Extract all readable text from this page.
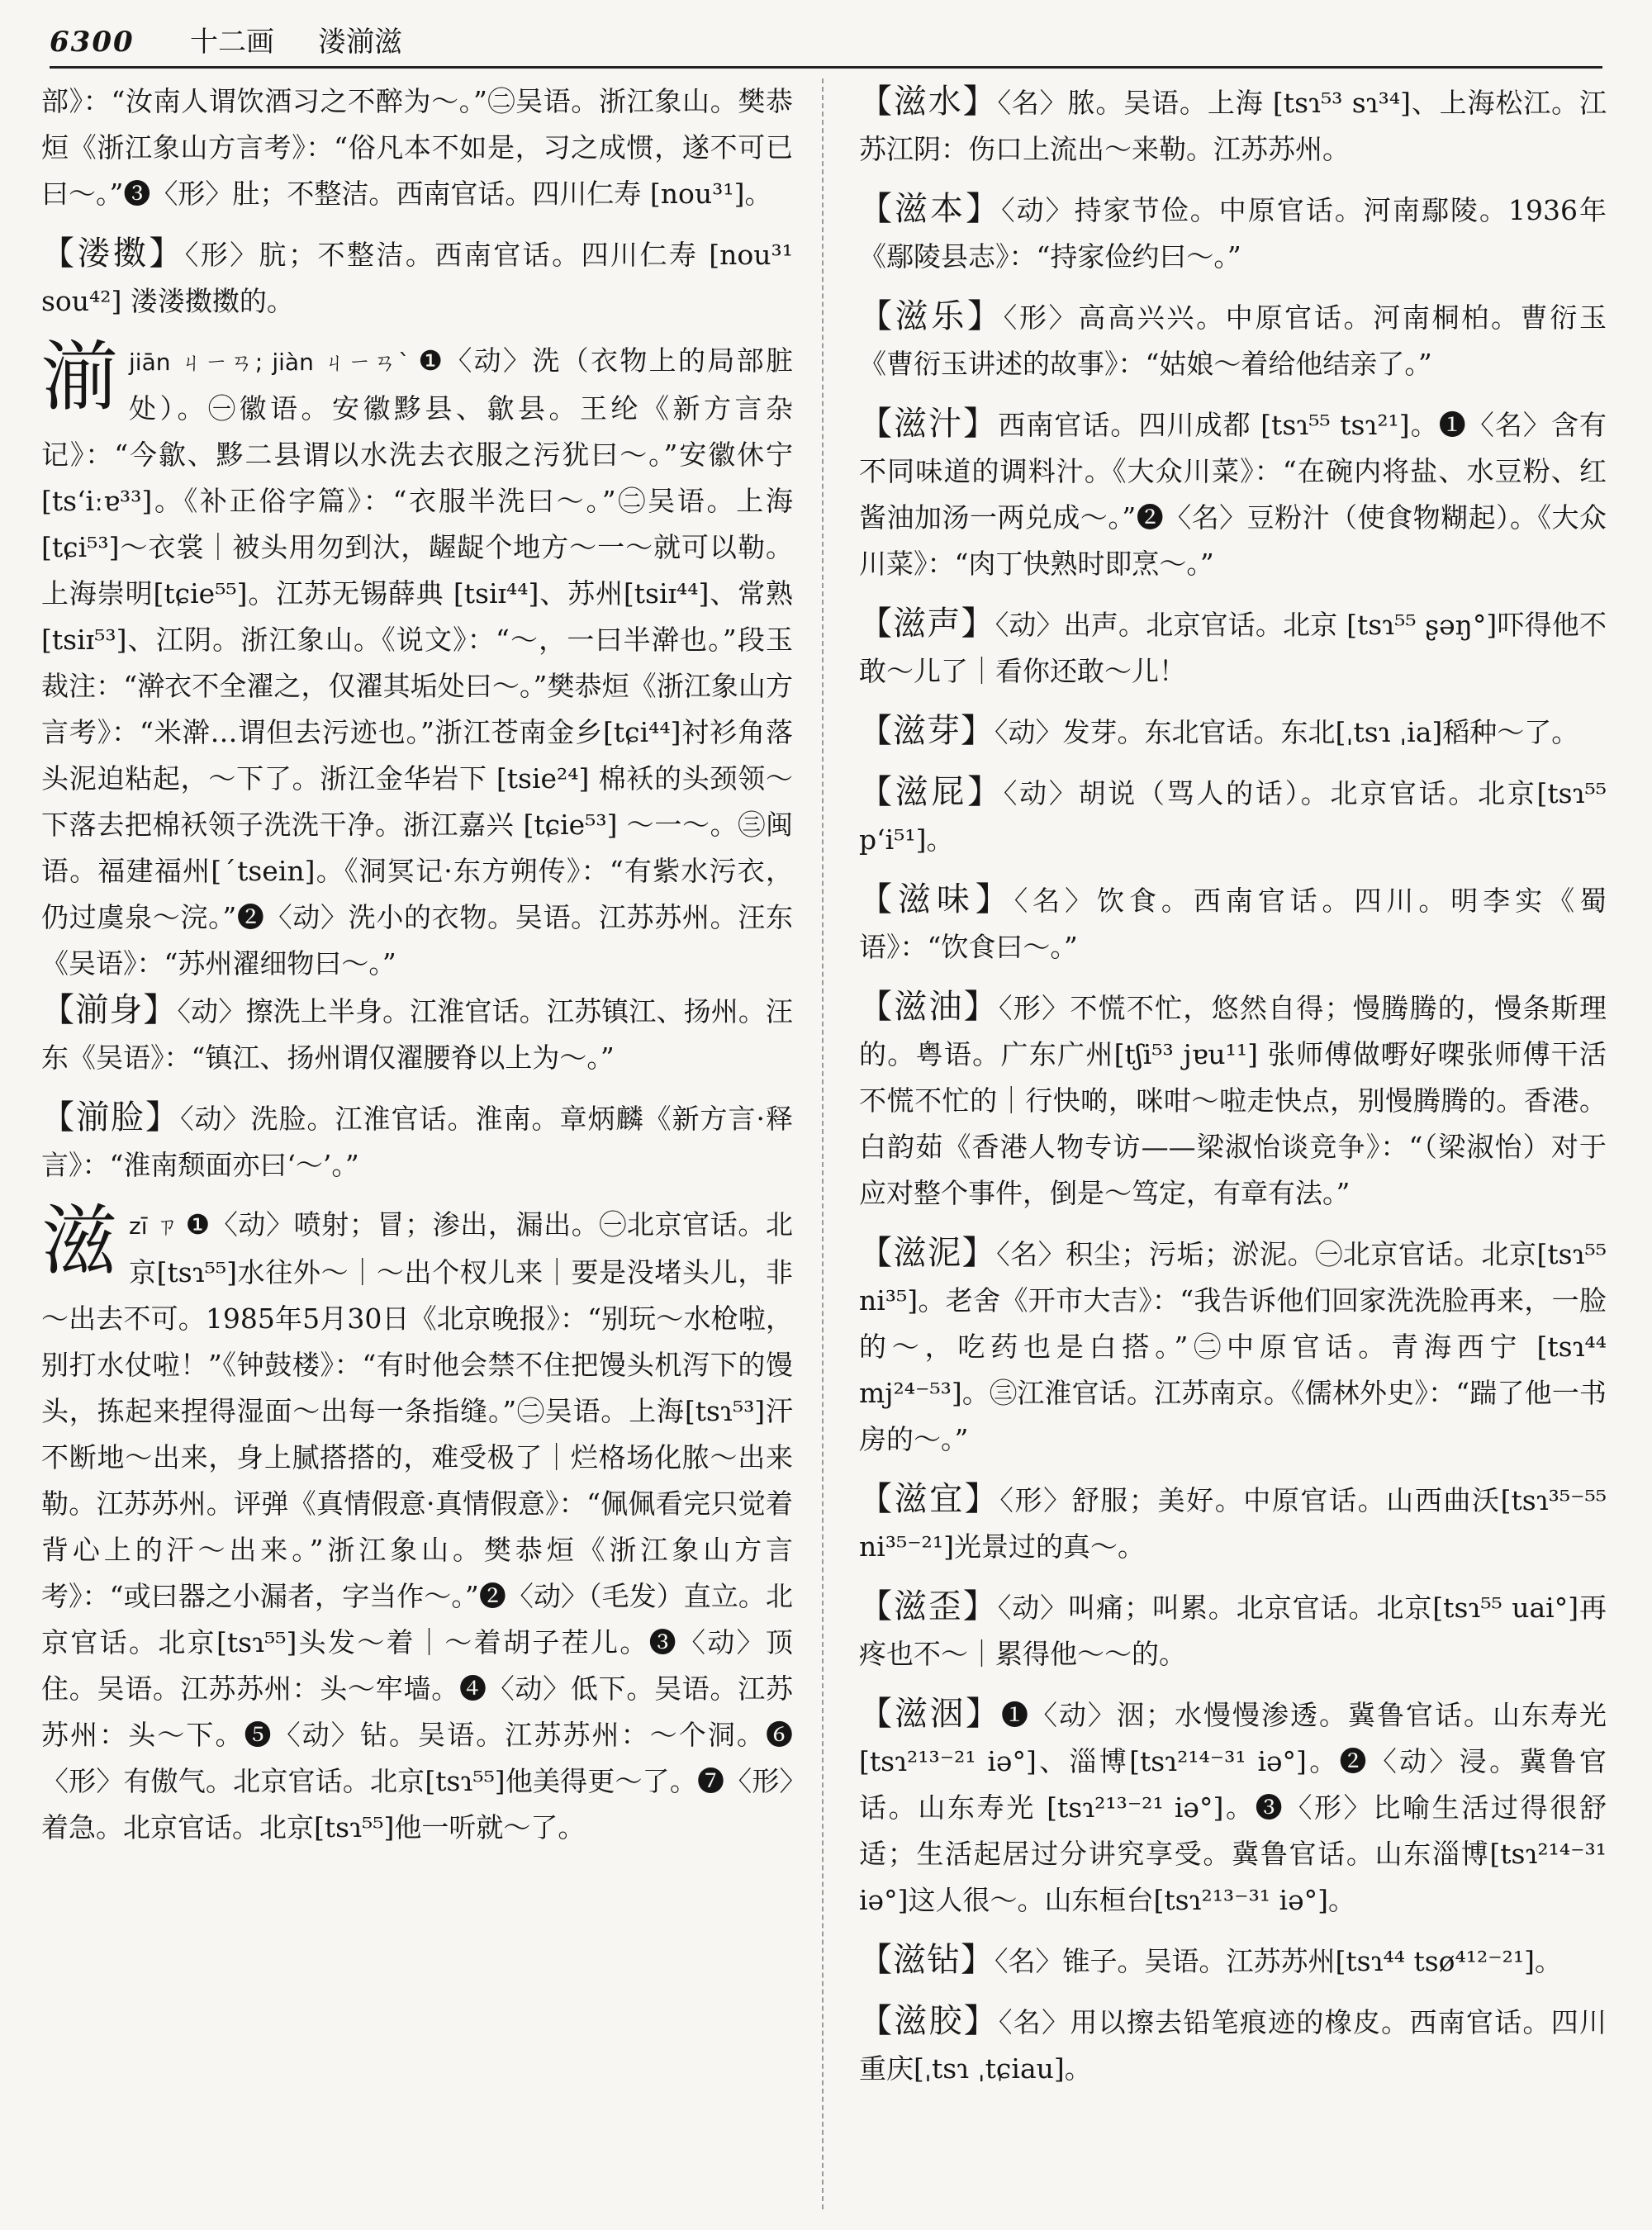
6300 十二画 溇湔滋
部》：“汝南人谓饮酒习之不醉为～。”㊁吴语。浙江象山。樊恭烜《浙江象山方言考》：“俗凡本不如是，习之成惯，遂不可已曰～。”❸〈形〉肚；不整洁。西南官话。四川仁寿 [nou³¹]。
【溇擞】〈形〉肮；不整洁。西南官话。四川仁寿 [nou³¹ sou⁴²] 溇溇擞擞的。
湔 jiān ㄐㄧㄢ; jiàn ㄐㄧㄢˋ ❶〈动〉洗（衣物上的局部脏处）。㊀徽语。安徽黟县、歙县。王纶《新方言杂记》：“今歙、黟二县谓以水洗去衣服之污犹曰～。”安徽休宁 [tsʻiːɐ³³]。《补正俗字篇》：“衣服半洗曰～。”㊁吴语。上海[tɕi⁵³]～衣裳｜被头用勿到汏，龌龊个地方～一～就可以勒。上海崇明[tɕie⁵⁵]。江苏无锡薛典 [tsiɪ⁴⁴]、苏州[tsiɪ⁴⁴]、常熟 [tsiɪ⁵³]、江阴。浙江象山。《说文》：“～，一曰半澣也。”段玉裁注：“澣衣不全濯之，仅濯其垢处曰～。”樊恭烜《浙江象山方言考》：“米澣…谓但去污迹也。”浙江苍南金乡[tɕi⁴⁴]衬衫角落头泥迫粘起，～下了。浙江金华岩下 [tsie²⁴] 棉袄的头颈领～下落去把棉袄领子洗洗干净。浙江嘉兴 [tɕie⁵³] ～一～。㊂闽语。福建福州[ˊtsein]。《洞冥记·东方朔传》：“有紫水污衣，仍过虞泉～浣。”❷〈动〉洗小的衣物。吴语。江苏苏州。汪东《吴语》：“苏州濯细物曰～。”
【湔身】〈动〉擦洗上半身。江淮官话。江苏镇江、扬州。汪东《吴语》：“镇江、扬州谓仅濯腰脊以上为～。”
【湔脸】〈动〉洗脸。江淮官话。淮南。章炳麟《新方言·释言》：“淮南颓面亦曰‘～’。”
滋 zī ㄗ ❶〈动〉喷射；冒；渗出，漏出。㊀北京官话。北京[tsɿ⁵⁵]水往外～｜～出个杈儿来｜要是没堵头儿，非～出去不可。1985年5月30日《北京晚报》：“别玩～水枪啦，别打水仗啦！”《钟鼓楼》：“有时他会禁不住把馒头机泻下的馒头，拣起来捏得湿面～出每一条指缝。”㊁吴语。上海[tsɿ⁵³]汗不断地～出来，身上腻搭搭的，难受极了｜烂格场化脓～出来勒。江苏苏州。评弹《真情假意·真情假意》：“佩佩看完只觉着背心上的汗～出来。”浙江象山。樊恭烜《浙江象山方言考》：“或曰器之小漏者，字当作～。”❷〈动〉（毛发）直立。北京官话。北京[tsɿ⁵⁵]头发～着｜～着胡子茬儿。❸〈动〉顶住。吴语。江苏苏州：头～牢墙。❹〈动〉低下。吴语。江苏苏州：头～下。❺〈动〉钻。吴语。江苏苏州：～个洞。❻〈形〉有傲气。北京官话。北京[tsɿ⁵⁵]他美得更～了。❼〈形〉着急。北京官话。北京[tsɿ⁵⁵]他一听就～了。
【滋水】〈名〉脓。吴语。上海 [tsɿ⁵³ sɿ³⁴]、上海松江。江苏江阴：伤口上流出～来勒。江苏苏州。
【滋本】〈动〉持家节俭。中原官话。河南鄢陵。1936年《鄢陵县志》：“持家俭约曰～。”
【滋乐】〈形〉高高兴兴。中原官话。河南桐柏。曹衍玉《曹衍玉讲述的故事》：“姑娘～着给他结亲了。”
【滋汁】西南官话。四川成都 [tsɿ⁵⁵ tsɿ²¹]。❶〈名〉含有不同味道的调料汁。《大众川菜》：“在碗内将盐、水豆粉、红酱油加汤一两兑成～。”❷〈名〉豆粉汁（使食物糊起）。《大众川菜》：“肉丁快熟时即烹～。”
【滋声】〈动〉出声。北京官话。北京 [tsɿ⁵⁵ ʂəŋ°]吓得他不敢～儿了｜看你还敢～儿！
【滋芽】〈动〉发芽。东北官话。东北[ˌtsɿ ˌia]稻种～了。
【滋屁】〈动〉胡说（骂人的话）。北京官话。北京[tsɿ⁵⁵ pʻi⁵¹]。
【滋味】〈名〉饮食。西南官话。四川。明李实《蜀语》：“饮食曰～。”
【滋油】〈形〉不慌不忙，悠然自得；慢腾腾的，慢条斯理的。粤语。广东广州[tʃi⁵³ jɐu¹¹] 张师傅做嘢好㗎张师傅干活不慌不忙的｜行快啲，咪咁～啦走快点，别慢腾腾的。香港。白韵茹《香港人物专访——梁淑怡谈竞争》：“（梁淑怡）对于应对整个事件，倒是～笃定，有章有法。”
【滋泥】〈名〉积尘；污垢；淤泥。㊀北京官话。北京[tsɿ⁵⁵ ni³⁵]。老舍《开市大吉》：“我告诉他们回家洗洗脸再来，一脸的～，吃药也是白搭。”㊁中原官话。青海西宁 [tsɿ⁴⁴ mj²⁴⁻⁵³]。㊂江淮官话。江苏南京。《儒林外史》：“踹了他一书房的～。”
【滋宜】〈形〉舒服；美好。中原官话。山西曲沃[tsɿ³⁵⁻⁵⁵ ni³⁵⁻²¹]光景过的真～。
【滋歪】〈动〉叫痛；叫累。北京官话。北京[tsɿ⁵⁵ uai°]再疼也不～｜累得他～～的。
【滋洇】❶〈动〉洇；水慢慢渗透。冀鲁官话。山东寿光[tsɿ²¹³⁻²¹ iə°]、淄博[tsɿ²¹⁴⁻³¹ iə°]。❷〈动〉浸。冀鲁官话。山东寿光 [tsɿ²¹³⁻²¹ iə°]。❸〈形〉比喻生活过得很舒适；生活起居过分讲究享受。冀鲁官话。山东淄博[tsɿ²¹⁴⁻³¹ iə°]这人很～。山东桓台[tsɿ²¹³⁻³¹ iə°]。
【滋钻】〈名〉锥子。吴语。江苏苏州[tsɿ⁴⁴ tsø⁴¹²⁻²¹]。
【滋胶】〈名〉用以擦去铅笔痕迹的橡皮。西南官话。四川重庆[ˌtsɿ ˌtɕiau]。
